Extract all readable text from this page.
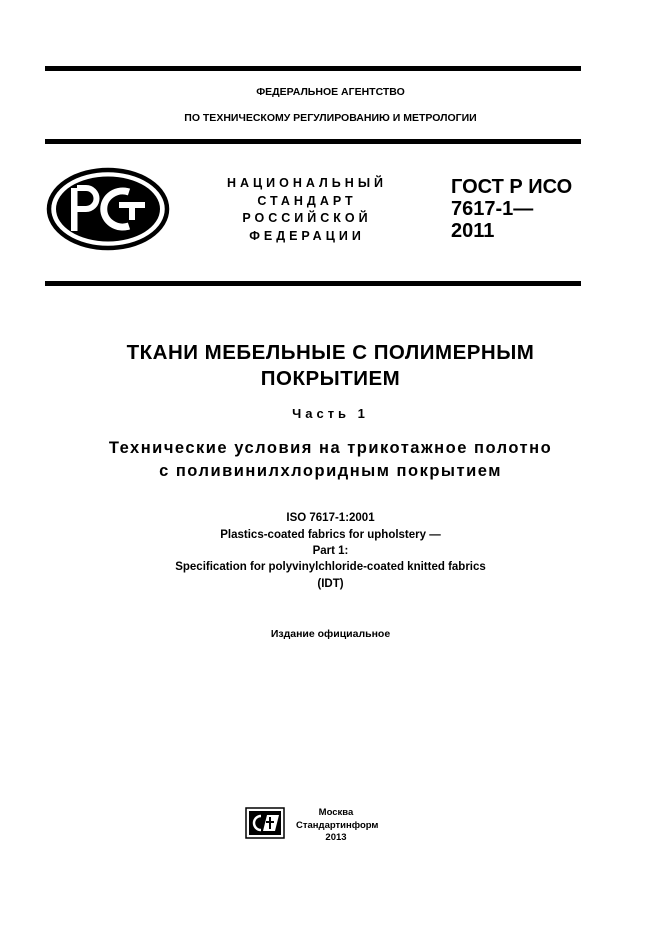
ФЕДЕРАЛЬНОЕ АГЕНТСТВО
ПО ТЕХНИЧЕСКОМУ РЕГУЛИРОВАНИЮ И МЕТРОЛОГИИ
НАЦИОНАЛЬНЫЙ
СТАНДАРТ
РОССИЙСКОЙ
ФЕДЕРАЦИИ
ГОСТ Р ИСО
7617-1—
2011
ТКАНИ МЕБЕЛЬНЫЕ С ПОЛИМЕРНЫМ
ПОКРЫТИЕМ
Часть 1
Технические условия на трикотажное полотно
с поливинилхлоридным покрытием
ISO 7617-1:2001
Plastics-coated fabrics for upholstery —
Part 1:
Specification for polyvinylchloride-coated knitted fabrics
(IDT)
Издание официальное
Москва
Стандартинформ
2013
